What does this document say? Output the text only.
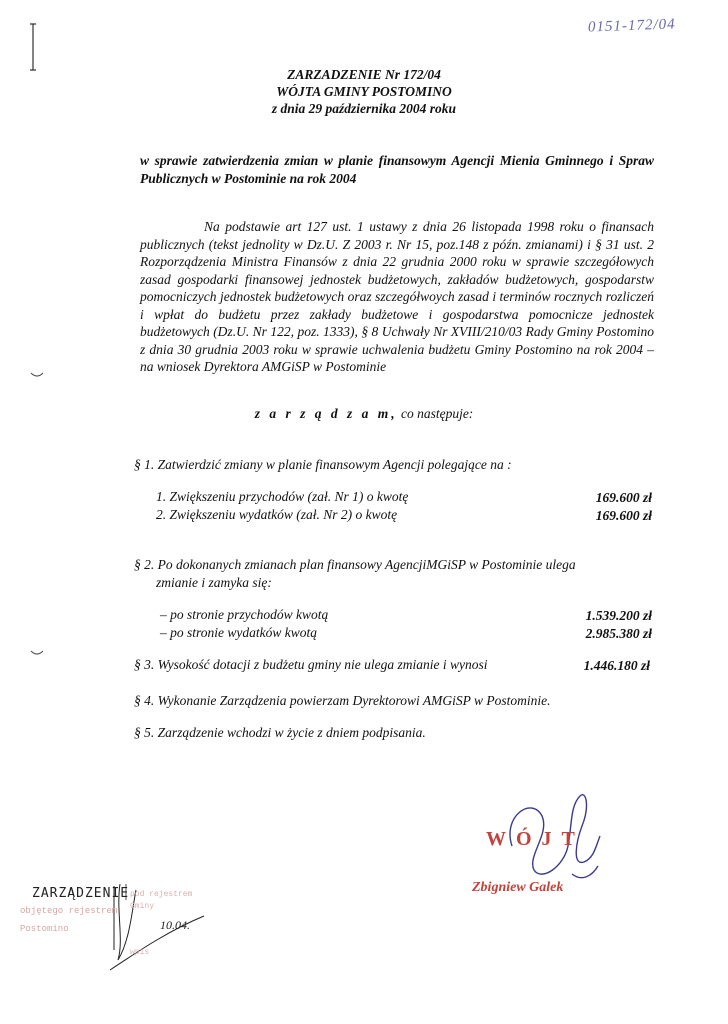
0151-172/04
ZARZADZENIE Nr 172/04
WÓJTA GMINY POSTOMINO
z dnia 29 października 2004 roku
w sprawie zatwierdzenia zmian w planie finansowym Agencji Mienia Gminnego i Spraw Publicznych w Postominie na rok 2004
Na podstawie art 127 ust. 1 ustawy z dnia 26 listopada 1998 roku o finansach publicznych (tekst jednolity w Dz.U. Z 2003 r. Nr 15, poz.148 z późn. zmianami) i § 31 ust. 2 Rozporządzenia Ministra Finansów z dnia 22 grudnia 2000 roku w sprawie szczegółowych zasad gospodarki finansowej jednostek budżetowych, zakładów budżetowych, gospodarstw pomocniczych jednostek budżetowych oraz szczegółwoych zasad i terminów rocznych rozliczeń i wpłat do budżetu przez zakłady budżetowe i gospodarstwa pomocnicze jednostek budżetowych (Dz.U. Nr 122, poz. 1333), § 8 Uchwały Nr XVIII/210/03 Rady Gminy Postomino z dnia 30 grudnia 2003 roku w sprawie uchwalenia budżetu Gminy Postomino na rok 2004 – na wniosek Dyrektora AMGiSP w Postominie
z a r z ą d z a m, co następuje:
§ 1. Zatwierdzić zmiany w planie finansowym Agencji polegające na :
1. Zwiększeniu przychodów (zał. Nr 1) o kwotę	169.600 zł
2. Zwiększeniu wydatków (zał. Nr 2) o kwotę	169.600 zł
§ 2. Po dokonanych zmianach plan finansowy AgencjiMGiSP w Postominie ulega
zmianie i zamyka się:
– po stronie przychodów kwotą	1.539.200 zł
– po stronie wydatków kwotą	2.985.380 zł
§ 3. Wysokość dotacji z budżetu gminy nie ulega zmianie i wynosi	1.446.180 zł
§ 4. Wykonanie Zarządzenia powierzam Dyrektorowi AMGiSP w Postominie.
§ 5. Zarządzenie wchodzi w życie z dniem podpisania.
WÓJT
Zbigniew Galek
ZARZĄDZENIE
objętego rejestrem
Postomino	10.04.
pod rejestrem
Gminy
wpis
